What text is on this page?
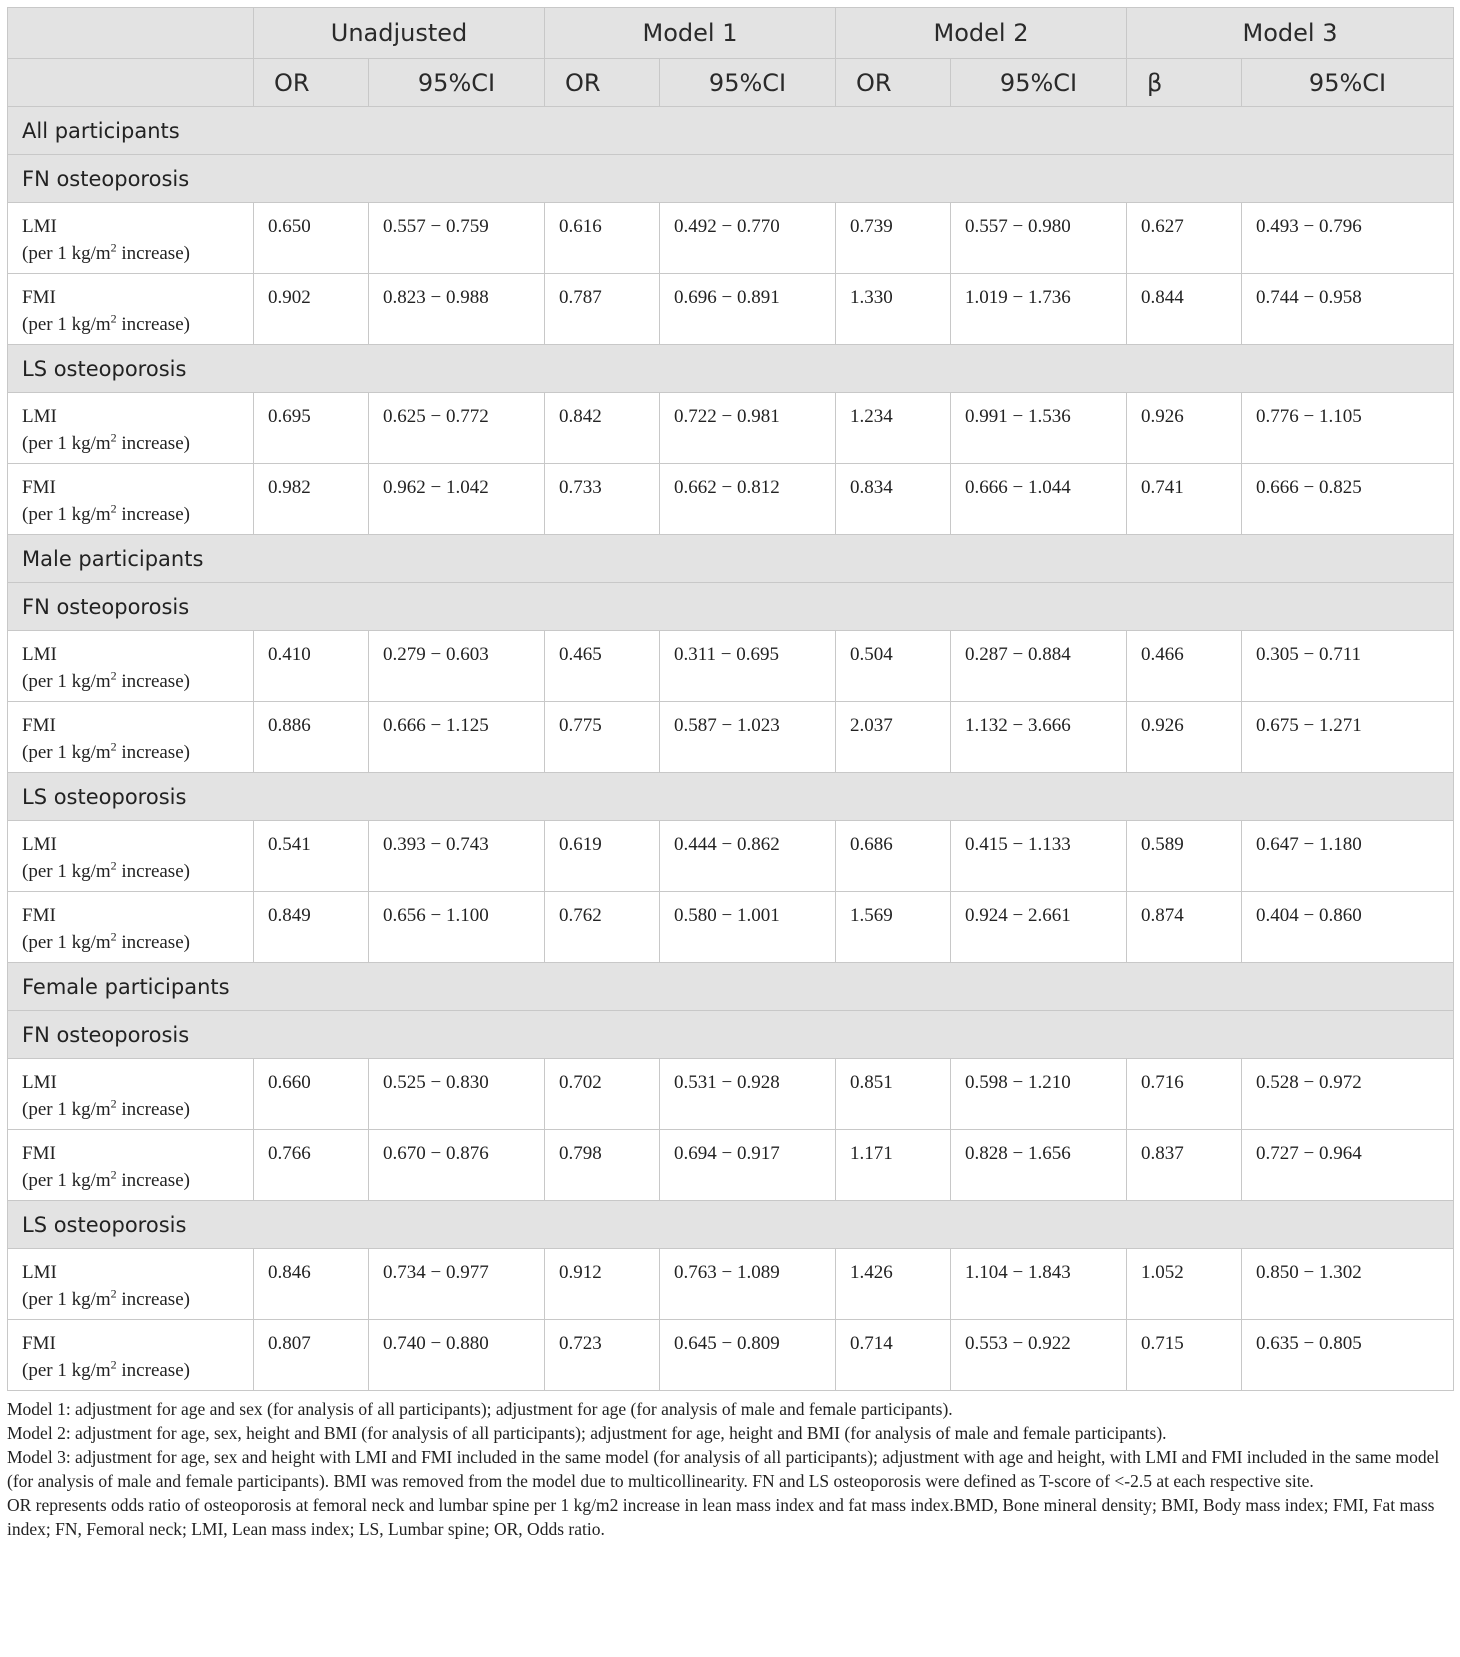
	Unadjusted		Model 1		Model 2		Model 3	
	OR	95%CI	OR	95%CI	OR	95%CI	β	95%CI
All participants								
FN osteoporosis								

LMI
(per 1 $kg/m^2$ increase)	0.650	0.557 − 0.759	0.616	0.492 − 0.770	0.739	0.557 − 0.980	0.627	0.493 − 0.796

FMI
(per 1 $kg/m^2$ increase)	0.902	0.823 − 0.988	0.787	0.696 − 0.891	1.330	1.019 − 1.736	0.844	0.744 − 0.958
LS osteoporosis								

LMI
(per 1 $kg/m^2$ increase)	0.695	0.625 − 0.772	0.842	0.722 − 0.981	1.234	0.991 − 1.536	0.926	0.776 − 1.105

FMI
(per 1 $kg/m^2$ increase)	0.982	0.962 − 1.042	0.733	0.662 − 0.812	0.834	0.666 − 1.044	0.741	0.666 − 0.825
Male participants								
FN osteoporosis								

LMI
(per 1 $kg/m^2$ increase)	0.410	0.279 − 0.603	0.465	0.311 − 0.695	0.504	0.287 − 0.884	0.466	0.305 − 0.711

FMI
(per 1 $kg/m^2$ increase)	0.886	0.666 − 1.125	0.775	0.587 − 1.023	2.037	1.132 − 3.666	0.926	0.675 − 1.271
LS osteoporosis								

LMI
(per 1 $kg/m^2$ increase)	0.541	0.393 − 0.743	0.619	0.444 − 0.862	0.686	0.415 − 1.133	0.589	0.647 − 1.180

FMI
(per 1 $kg/m^2$ increase)	0.849	0.656 − 1.100	0.762	0.580 − 1.001	1.569	0.924 − 2.661	0.874	0.404 − 0.860
Female participants								
FN osteoporosis								

LMI
(per 1 $kg/m^2$ increase)	0.660	0.525 − 0.830	0.702	0.531 − 0.928	0.851	0.598 − 1.210	0.716	0.528 − 0.972

FMI
(per 1 $kg/m^2$ increase)	0.766	0.670 − 0.876	0.798	0.694 − 0.917	1.171	0.828 − 1.656	0.837	0.727 − 0.964
LS osteoporosis								

LMI
(per 1 $kg/m^2$ increase)	0.846	0.734 − 0.977	0.912	0.763 − 1.089	1.426	1.104 − 1.843	1.052	0.850 − 1.302

FMI
(per 1 $kg/m^2$ increase)	0.807	0.740 − 0.880	0.723	0.645 − 0.809	0.714	0.553 − 0.922	0.715	0.635 − 0.805

Model 1: adjustment for age and sex (for analysis of all participants); adjustment for age (for analysis of male and female participants).

Model 2: adjustment for age, sex, height and BMI (for analysis of all participants); adjustment for age, height and BMI (for analysis of male and female participants).

Model 3: adjustment for age, sex and height with LMI and FMI included in the same model (for analysis of all participants); adjustment with age and height, with LMI and FMI included in the same model (for analysis of male and female participants). BMI was removed from the model due to multicollinearity. FN and LS osteoporosis were defined as T-score of <-2.5 at each respective site.

OR represents odds ratio of osteoporosis at femoral neck and lumbar spine per 1 kg/m2 increase in lean mass index and fat mass index.BMD, Bone mineral density; BMI, Body mass index; FMI, Fat mass index; FN, Femoral neck; LMI, Lean mass index; LS, Lumbar spine; OR, Odds ratio.
